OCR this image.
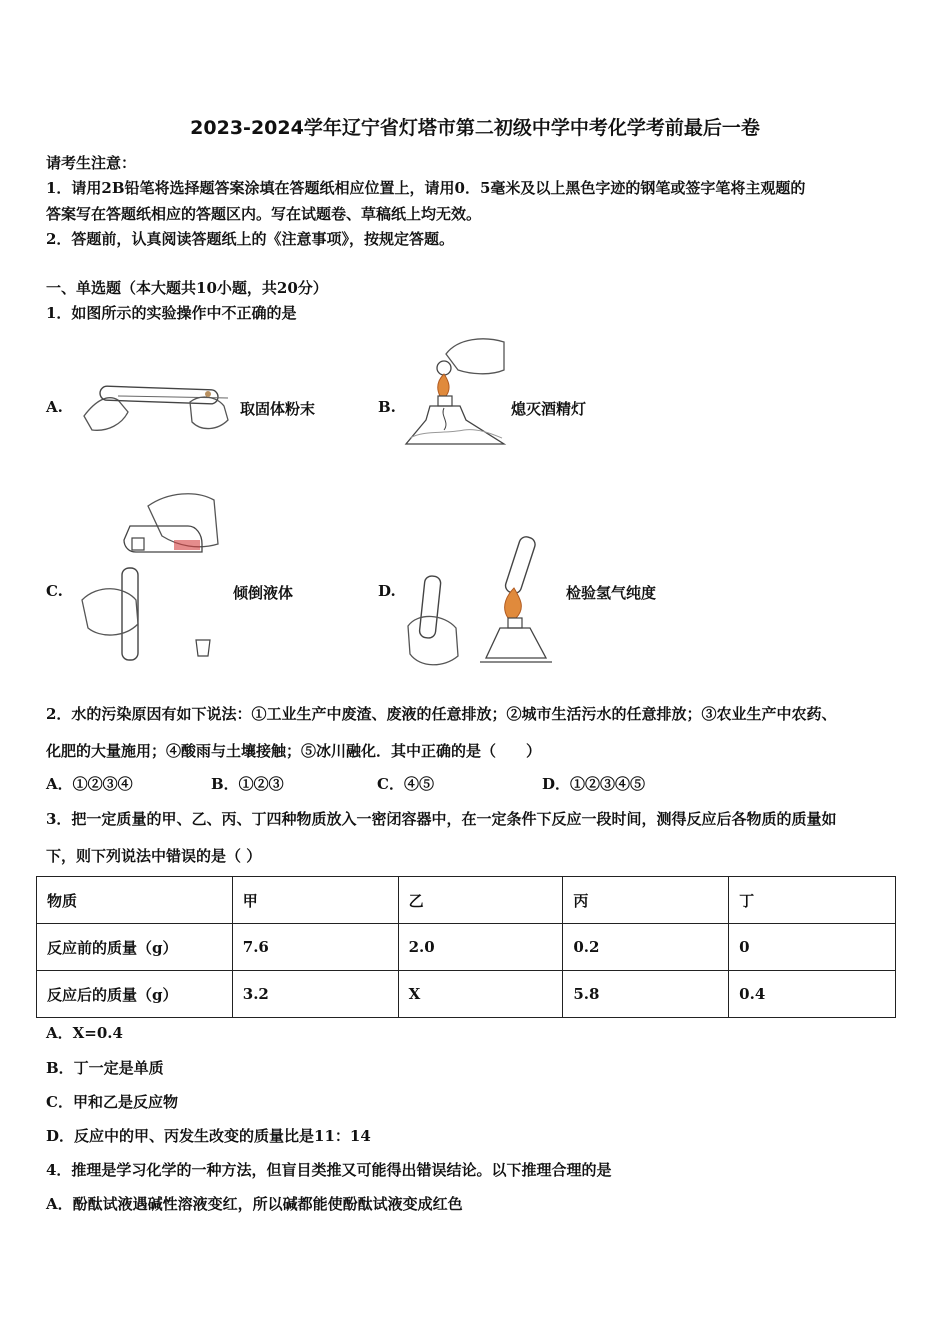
2023-2024学年辽宁省灯塔市第二初级中学中考化学考前最后一卷
请考生注意：
1．请用2B铅笔将选择题答案涂填在答题纸相应位置上，请用0．5毫米及以上黑色字迹的钢笔或签字笔将主观题的
答案写在答题纸相应的答题区内。写在试题卷、草稿纸上均无效。
2．答题前，认真阅读答题纸上的《注意事项》，按规定答题。
一、单选题（本大题共10小题，共20分）
1．如图所示的实验操作中不正确的是
A.	取固体粉末	B.	熄灭酒精灯
C.	倾倒液体	D.	检验氢气纯度
2．水的污染原因有如下说法：①工业生产中废渣、废液的任意排放；②城市生活污水的任意排放；③农业生产中农药、
化肥的大量施用；④酸雨与土壤接触；⑤冰川融化．其中正确的是（　　）
A．①②③④	B．①②③	C．④⑤	D．①②③④⑤
3．把一定质量的甲、乙、丙、丁四种物质放入一密闭容器中，在一定条件下反应一段时间，测得反应后各物质的质量如
下，则下列说法中错误的是（ ）
物质	甲	乙	丙	丁
反应前的质量（g）	7.6	2.0	0.2	0
反应后的质量（g）	3.2	X	5.8	0.4
A．X=0.4
B．丁一定是单质
C．甲和乙是反应物
D．反应中的甲、丙发生改变的质量比是11：14
4．推理是学习化学的一种方法，但盲目类推又可能得出错误结论。以下推理合理的是
A．酚酞试液遇碱性溶液变红，所以碱都能使酚酞试液变成红色
